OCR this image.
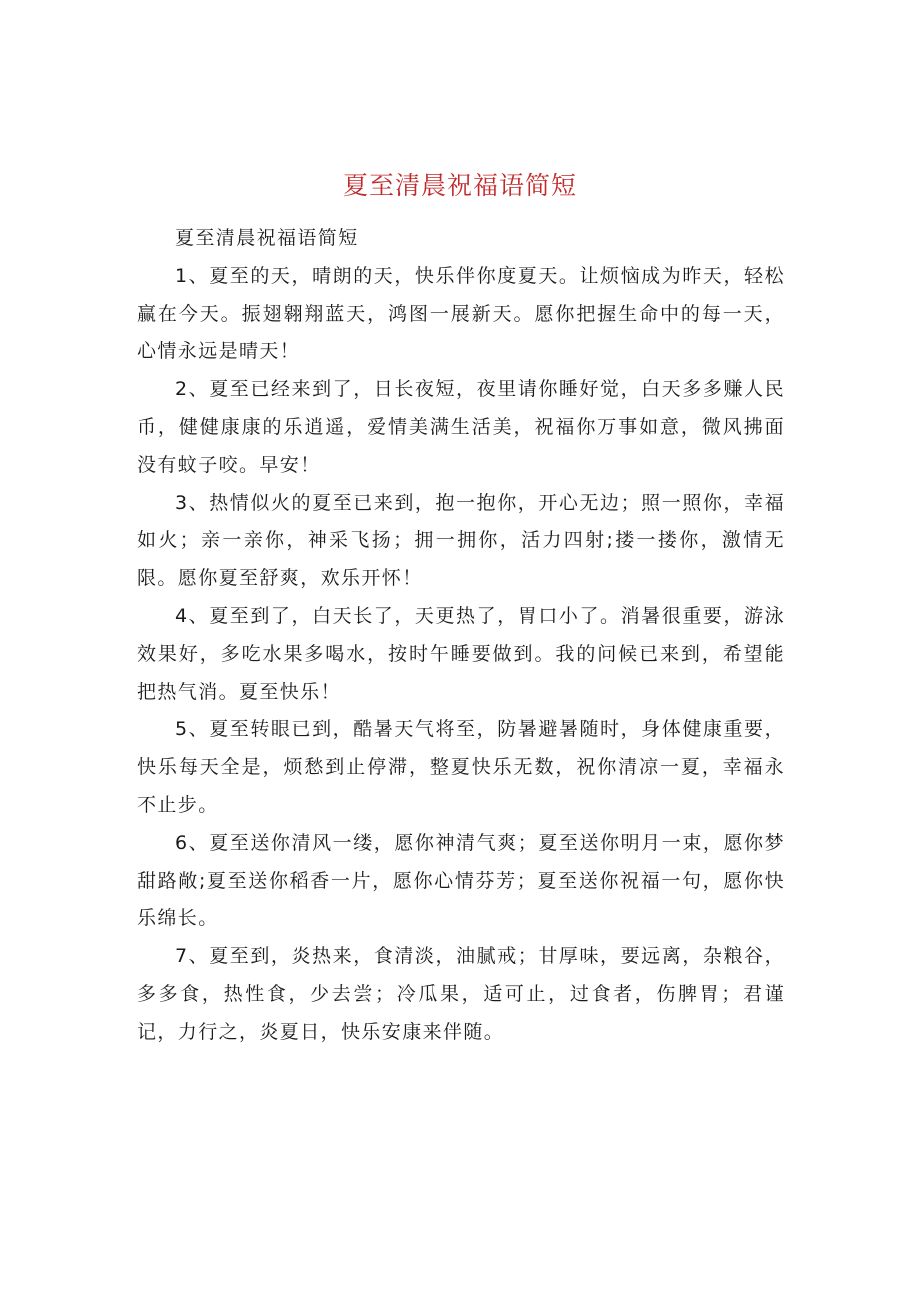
夏至清晨祝福语简短

夏至清晨祝福语简短

1、夏至的天，晴朗的天，快乐伴你度夏天。让烦恼成为昨天，轻松赢在今天。振翅翱翔蓝天，鸿图一展新天。愿你把握生命中的每一天，心情永远是晴天！

2、夏至已经来到了，日长夜短，夜里请你睡好觉，白天多多赚人民币，健健康康的乐逍遥，爱情美满生活美，祝福你万事如意，微风拂面没有蚊子咬。早安！

3、热情似火的夏至已来到，抱一抱你，开心无边；照一照你，幸福如火；亲一亲你，神采飞扬；拥一拥你，活力四射;搂一搂你，激情无限。愿你夏至舒爽，欢乐开怀！

4、夏至到了，白天长了，天更热了，胃口小了。消暑很重要，游泳效果好，多吃水果多喝水，按时午睡要做到。我的问候已来到，希望能把热气消。夏至快乐！

5、夏至转眼已到，酷暑天气将至，防暑避暑随时，身体健康重要，快乐每天全是，烦愁到止停滞，整夏快乐无数，祝你清凉一夏，幸福永不止步。

6、夏至送你清风一缕，愿你神清气爽；夏至送你明月一束，愿你梦甜路敞;夏至送你稻香一片，愿你心情芬芳；夏至送你祝福一句，愿你快乐绵长。

7、夏至到，炎热来，食清淡，油腻戒；甘厚味，要远离，杂粮谷，多多食，热性食，少去尝；冷瓜果，适可止，过食者，伤脾胃；君谨记，力行之，炎夏日，快乐安康来伴随。
